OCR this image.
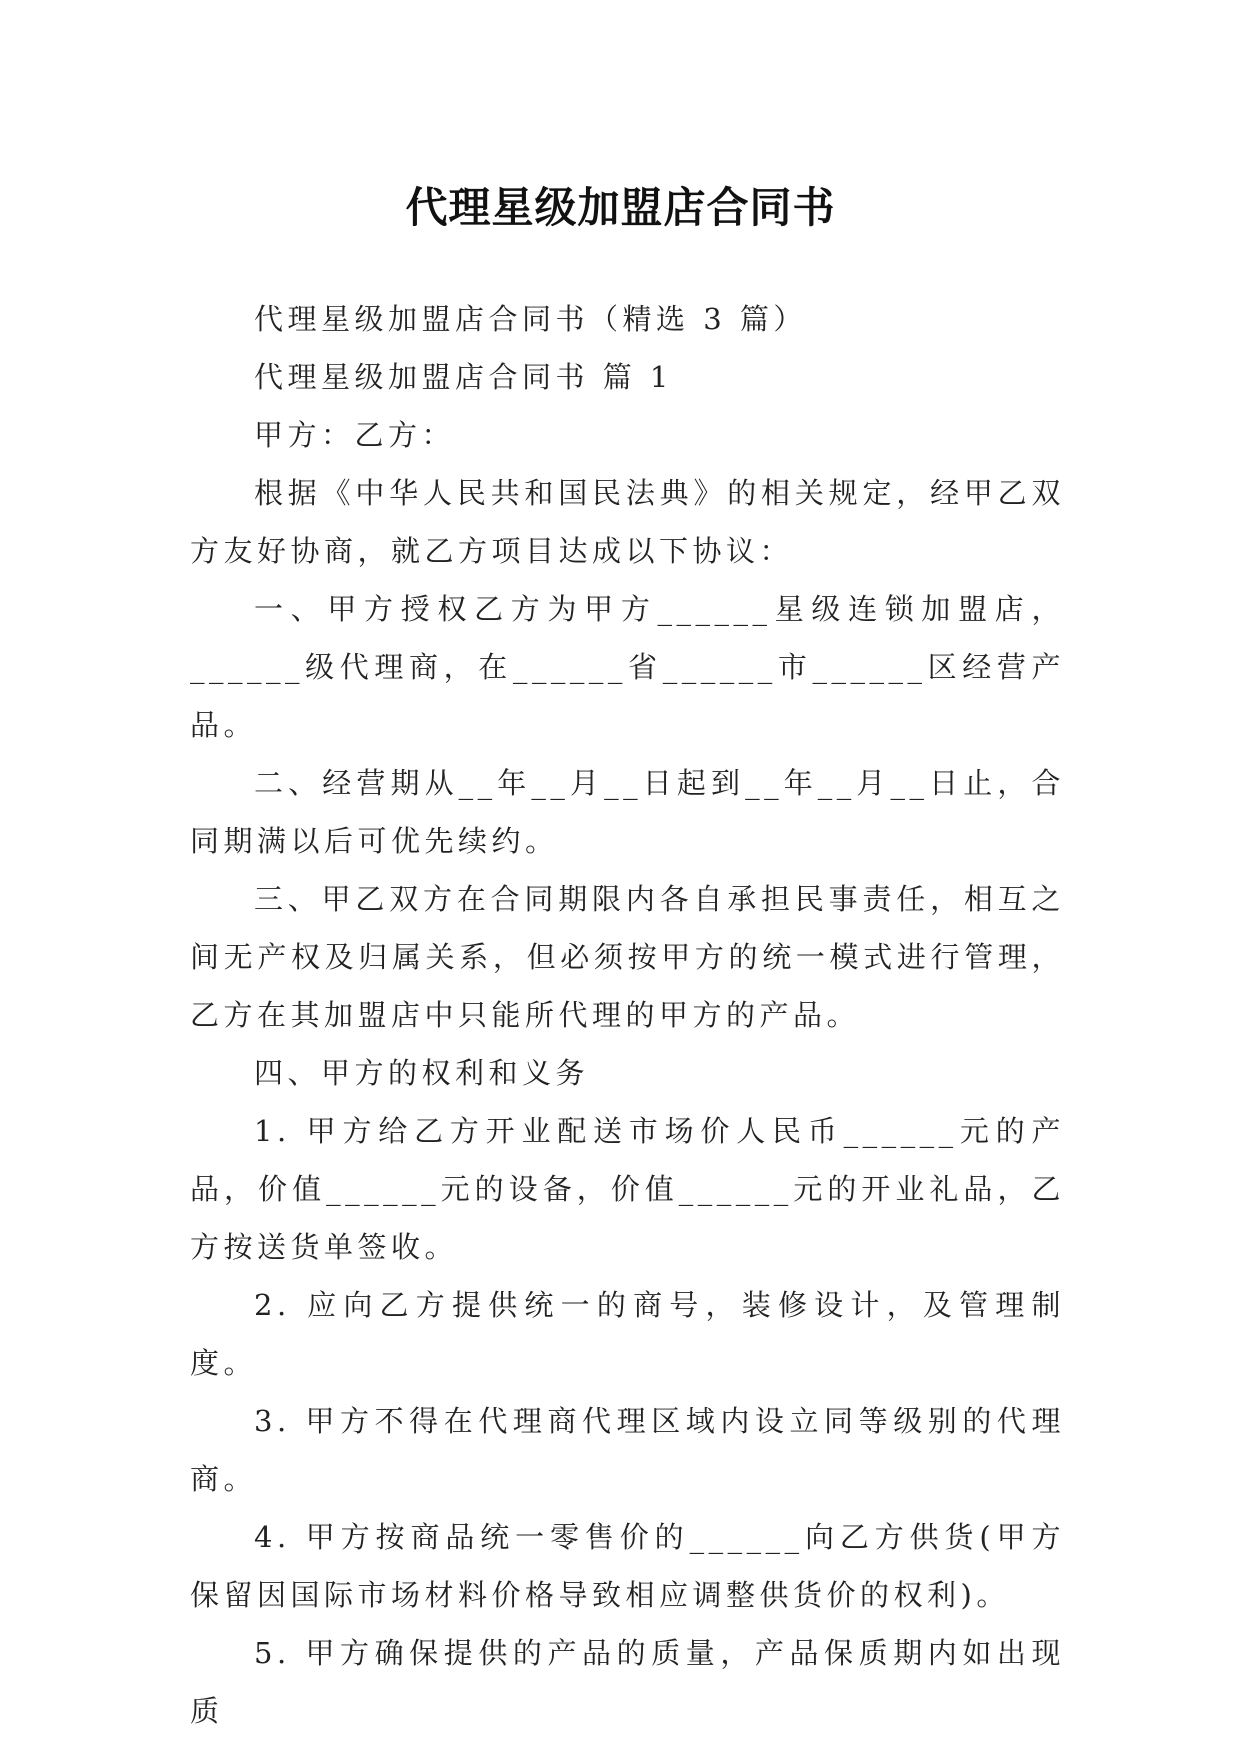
代理星级加盟店合同书

代理星级加盟店合同书（精选 3 篇）

代理星级加盟店合同书 篇 1

甲方：乙方：

根据《中华人民共和国民法典》的相关规定，经甲乙双方友好协商，就乙方项目达成以下协议：

一、甲方授权乙方为甲方______星级连锁加盟店，______级代理商，在______省______市______区经营产品。

二、经营期从__年__月__日起到__年__月__日止，合同期满以后可优先续约。

三、甲乙双方在合同期限内各自承担民事责任，相互之间无产权及归属关系，但必须按甲方的统一模式进行管理，乙方在其加盟店中只能所代理的甲方的产品。

四、甲方的权利和义务

1. 甲方给乙方开业配送市场价人民币______元的产品，价值______元的设备，价值______元的开业礼品，乙方按送货单签收。

2. 应向乙方提供统一的商号，装修设计，及管理制度。

3. 甲方不得在代理商代理区域内设立同等级别的代理商。

4. 甲方按商品统一零售价的______向乙方供货(甲方保留因国际市场材料价格导致相应调整供货价的权利)。

5. 甲方确保提供的产品的质量，产品保质期内如出现质
